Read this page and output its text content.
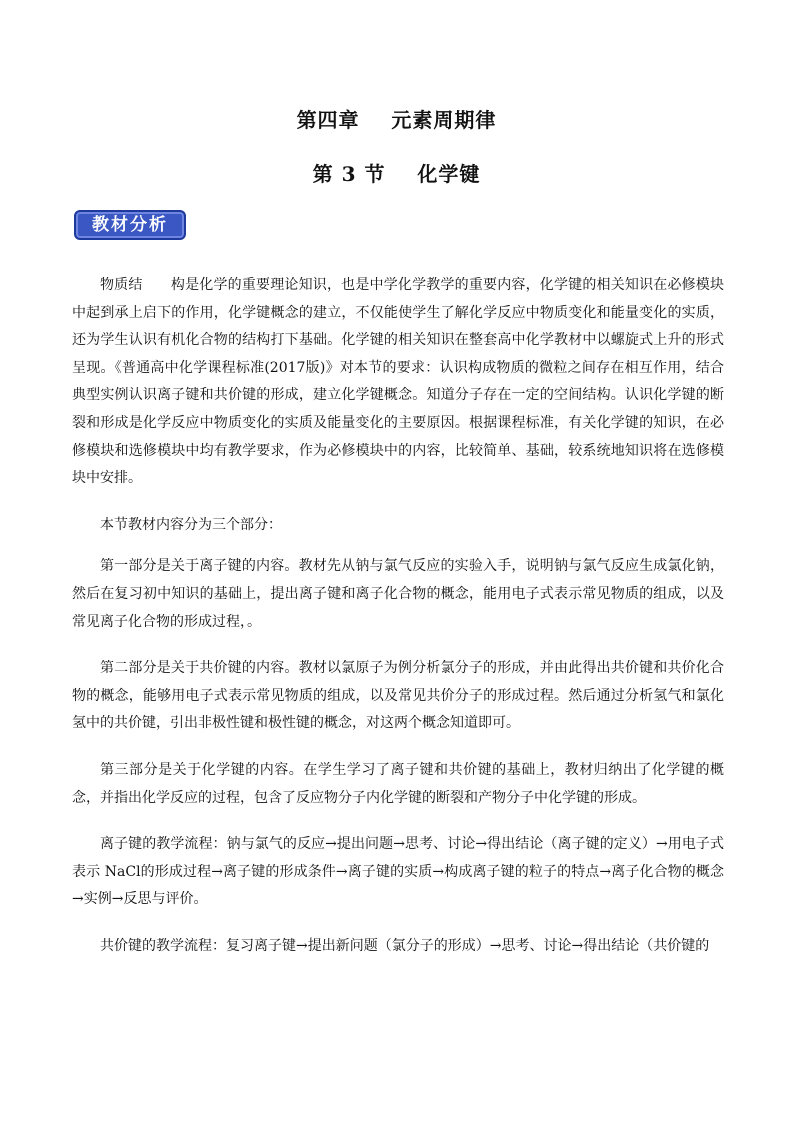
第四章    元素周期律
第 3 节    化学键
教材分析

物质结　　构是化学的重要理论知识，也是中学化学教学的重要内容，化学键的相关知识在必修模块中起到承上启下的作用，化学键概念的建立，不仅能使学生了解化学反应中物质变化和能量变化的实质，还为学生认识有机化合物的结构打下基础。化学键的相关知识在整套高中化学教材中以螺旋式上升的形式呈现。《普通高中化学课程标准(2017版)》对本节的要求：认识构成物质的微粒之间存在相互作用，结合典型实例认识离子键和共价键的形成，建立化学键概念。知道分子存在一定的空间结构。认识化学键的断裂和形成是化学反应中物质变化的实质及能量变化的主要原因。根据课程标准，有关化学键的知识，在必修模块和选修模块中均有教学要求，作为必修模块中的内容，比较简单、基础，较系统地知识将在选修模块中安排。

本节教材内容分为三个部分：

第一部分是关于离子键的内容。教材先从钠与氯气反应的实验入手，说明钠与氯气反应生成氯化钠，然后在复习初中知识的基础上，提出离子键和离子化合物的概念，能用电子式表示常见物质的组成，以及常见离子化合物的形成过程，。

第二部分是关于共价键的内容。教材以氯原子为例分析氯分子的形成，并由此得出共价键和共价化合物的概念，能够用电子式表示常见物质的组成，以及常见共价分子的形成过程。然后通过分析氢气和氯化氢中的共价键，引出非极性键和极性键的概念，对这两个概念知道即可。

第三部分是关于化学键的内容。在学生学习了离子键和共价键的基础上，教材归纳出了化学键的概念，并指出化学反应的过程，包含了反应物分子内化学键的断裂和产物分子中化学键的形成。

离子键的教学流程：钠与氯气的反应→提出问题→思考、讨论→得出结论（离子键的定义）→用电子式表示 NaCl的形成过程→离子键的形成条件→离子键的实质→构成离子键的粒子的特点→离子化合物的概念→实例→反思与评价。

共价键的教学流程：复习离子键→提出新问题（氯分子的形成）→思考、讨论→得出结论（共价键的
